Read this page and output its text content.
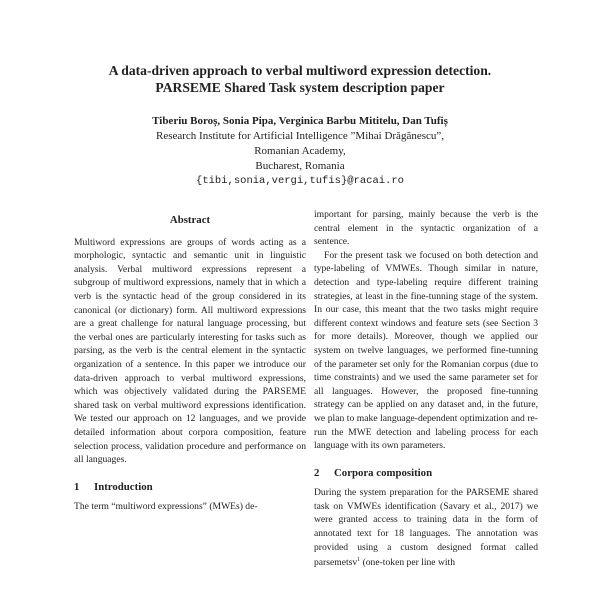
A data-driven approach to verbal multiword expression detection.

PARSEME Shared Task system description paper

Tiberiu Boroș, Sonia Pipa, Verginica Barbu Mititelu, Dan Tufiș
Research Institute for Artificial Intelligence ”Mihai Drăgănescu”,
Romanian Academy,
Bucharest, Romania
{tibi,sonia,vergi,tufis}@racai.ro
Abstract

Multiword expressions are groups of words acting as a morphologic, syntactic and semantic unit in linguistic analysis. Verbal multiword expressions represent a subgroup of multiword expressions, namely that in which a verb is the syntactic head of the group considered in its canonical (or dictionary) form. All multiword expressions are a great challenge for natural language processing, but the verbal ones are particularly interesting for tasks such as parsing, as the verb is the central element in the syntactic organization of a sentence. In this paper we introduce our data-driven approach to verbal multiword expressions, which was objectively validated during the PARSEME shared task on verbal multiword expressions identification. We tested our approach on 12 languages, and we provide detailed information about corpora composition, feature selection process, validation procedure and performance on all languages.

1 Introduction

The term “multiword expressions” (MWEs) de-

important for parsing, mainly because the verb is the central element in the syntactic organization of a sentence.

For the present task we focused on both detection and type-labeling of VMWEs. Though similar in nature, detection and type-labeling require different training strategies, at least in the fine-tunning stage of the system. In our case, this meant that the two tasks might require different context windows and feature sets (see Section 3 for more details). Moreover, though we applied our system on twelve languages, we performed fine-tunning of the parameter set only for the Romanian corpus (due to time constraints) and we used the same parameter set for all languages. However, the proposed fine-tunning strategy can be applied on any dataset and, in the future, we plan to make language-dependent optimization and re-run the MWE detection and labeling process for each language with its own parameters.

2 Corpora composition

During the system preparation for the PARSEME shared task on VMWEs identification (Savary et al., 2017) we were granted access to training data in the form of annotated text for 18 languages. The annotation was provided using a custom designed format called parsemetsv$^1$ (one-token per line with
